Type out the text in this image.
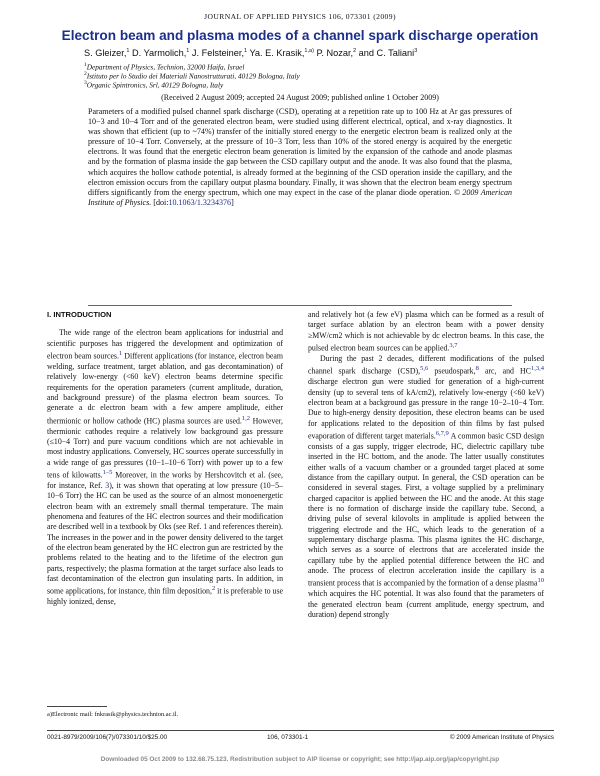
JOURNAL OF APPLIED PHYSICS 106, 073301 (2009)
Electron beam and plasma modes of a channel spark discharge operation
S. Gleizer,$^1$ D. Yarmolich,$^1$ J. Felsteiner,$^1$ Ya. E. Krasik,$^{1,a)}$ P. Nozar,$^2$ and C. Taliani$^3$
$^1$Department of Physics, Technion, 32000 Haifa, Israel
$^2$Istituto per lo Studio dei Materiali Nanostrutturati, 40129 Bologna, Italy
$^3$Organic Spintronics, Srl, 40129 Bologna, Italy
(Received 2 August 2009; accepted 24 August 2009; published online 1 October 2009)
Parameters of a modified pulsed channel spark discharge (CSD), operating at a repetition rate up to 100 Hz at Ar gas pressures of 10−3 and 10−4 Torr and of the generated electron beam, were studied using different electrical, optical, and x-ray diagnostics. It was shown that efficient (up to ~74%) transfer of the initially stored energy to the energetic electron beam is realized only at the pressure of 10−4 Torr. Conversely, at the pressure of 10−3 Torr, less than 10% of the stored energy is acquired by the energetic electrons. It was found that the energetic electron beam generation is limited by the expansion of the cathode and anode plasmas and by the formation of plasma inside the gap between the CSD capillary output and the anode. It was also found that the plasma, which acquires the hollow cathode potential, is already formed at the beginning of the CSD operation inside the capillary, and the electron emission occurs from the capillary output plasma boundary. Finally, it was shown that the electron beam energy spectrum differs significantly from the energy spectrum, which one may expect in the case of the planar diode operation. © 2009 American Institute of Physics. [doi:10.1063/1.3234376]
I. INTRODUCTION

The wide range of the electron beam applications for industrial and scientific purposes has triggered the development and optimization of electron beam sources.$^1$ Different applications (for instance, electron beam welding, surface treatment, target ablation, and gas decontamination) of relatively low-energy (<60 keV) electron beams determine specific requirements for the operation parameters (current amplitude, duration, and background pressure) of the plasma electron beam sources. To generate a dc electron beam with a few ampere amplitude, either thermionic or hollow cathode (HC) plasma sources are used.$^{1,2}$ However, thermionic cathodes require a relatively low background gas pressure (≤10−4 Torr) and pure vacuum conditions which are not achievable in most industry applications. Conversely, HC sources operate successfully in a wide range of gas pressures (10−1–10−6 Torr) with power up to a few tens of kilowatts.$^{1-5}$ Moreover, in the works by Hershcovitch et al. (see, for instance, Ref. 3), it was shown that operating at low pressure (10−5–10−6 Torr) the HC can be used as the source of an almost monoenergetic electron beam with an extremely small thermal temperature. The main phenomena and features of the HC electron sources and their modification are described well in a textbook by Oks (see Ref. 1 and references therein). The increases in the power and in the power density delivered to the target of the electron beam generated by the HC electron gun are restricted by the problems related to the heating and to the lifetime of the electron gun parts, respectively; the plasma formation at the target surface also leads to fast decontamination of the electron gun insulating parts. In addition, in some applications, for instance, thin film deposition,$^2$ it is preferable to use highly ionized, dense,

and relatively hot (a few eV) plasma which can be formed as a result of target surface ablation by an electron beam with a power density ≥MW/cm2 which is not achievable by dc electron beams. In this case, the pulsed electron beam sources can be applied.$^{3,7}$

During the past 2 decades, different modifications of the pulsed channel spark discharge (CSD),$^{5,6}$ pseudospark,$^8$ arc, and HC$^{1,3,4}$ discharge electron gun were studied for generation of a high-current density (up to several tens of kA/cm2), relatively low-energy (<60 keV) electron beam at a background gas pressure in the range 10−2–10−4 Torr. Due to high-energy density deposition, these electron beams can be used for applications related to the deposition of thin films by fast pulsed evaporation of different target materials.$^{6,7,9}$ A common basic CSD design consists of a gas supply, trigger electrode, HC, dielectric capillary tube inserted in the HC bottom, and the anode. The latter usually constitutes either walls of a vacuum chamber or a grounded target placed at some distance from the capillary output. In general, the CSD operation can be considered in several stages. First, a voltage supplied by a preliminary charged capacitor is applied between the HC and the anode. At this stage there is no formation of discharge inside the capillary tube. Second, a driving pulse of several kilovolts in amplitude is applied between the triggering electrode and the HC, which leads to the generation of a supplementary discharge plasma. This plasma ignites the HC discharge, which serves as a source of electrons that are accelerated inside the capillary tube by the applied potential difference between the HC and anode. The process of electron acceleration inside the capillary is a transient process that is accompanied by the formation of a dense plasma$^{10}$ which acquires the HC potential. It was also found that the parameters of the generated electron beam (current amplitude, energy spectrum, and duration) depend strongly

a)Electronic mail: fnkrasik@physics.technion.ac.il.
0021-8979/2009/106(7)/073301/10/$25.00	106, 073301-1	© 2009 American Institute of Physics
Downloaded 05 Oct 2009 to 132.68.75.123. Redistribution subject to AIP license or copyright; see http://jap.aip.org/jap/copyright.jsp
